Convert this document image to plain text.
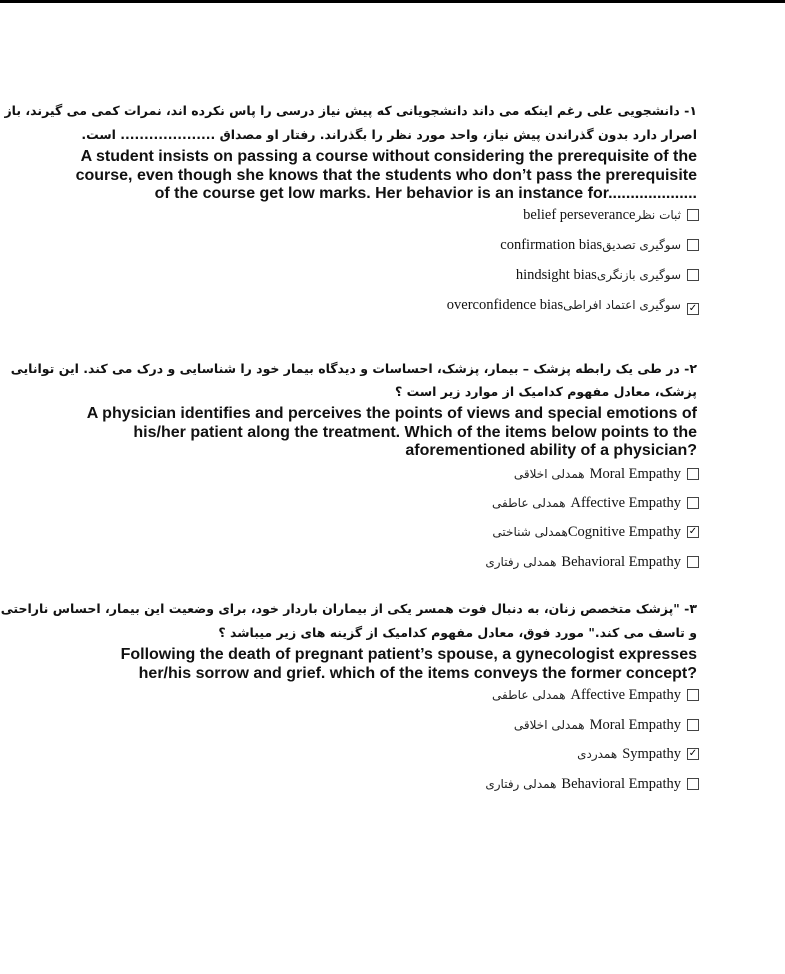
۱- دانشجویی علی رغم اینکه می داند دانشجویانی که پیش نیاز درسی را پاس نکرده اند، نمرات کمی می گیرند، باز
اصرار دارد بدون گذراندن پیش نیاز، واحد مورد نظر را بگذراند. رفتار او مصداق .................... است.
A student insists on passing a course without considering the prerequisite of the
course, even though she knows that the students who don’t pass the prerequisite
of the course get low marks. Her behavior is an instance for....................
belief perseverance ثبات نظر
confirmation bias سوگیری تصدیق
hindsight bias سوگیری بازنگری
overconfidence bias سوگیری اعتماد افراطی ✓
۲- در طی یک رابطه پزشک – بیمار، پزشک، احساسات و دیدگاه بیمار خود را شناسایی و درک می کند. این توانایی
پزشک، معادل مفهوم کدامیک از موارد زیر است ؟
A physician identifies and perceives the points of views and special emotions of
his/her patient along the treatment. Which of the items below points to the
aforementioned ability of a physician?
همدلی اخلاقی Moral Empathy
همدلی عاطفی Affective Empathy
همدلی شناختی Cognitive Empathy ✓
همدلی رفتاری Behavioral Empathy
۳- "پزشک متخصص زنان، به دنبال فوت همسر یکی از بیماران باردار خود، برای وضعیت این بیمار، احساس ناراحتی
و تاسف می کند." مورد فوق، معادل مفهوم کدامیک از گزینه های زیر میباشد ؟
Following the death of pregnant patient’s spouse, a gynecologist expresses
her/his sorrow and grief. which of the items conveys the former concept?
همدلی عاطفی Affective Empathy
همدلی اخلاقی Moral Empathy
همدردی Sympathy ✓
همدلی رفتاری Behavioral Empathy
